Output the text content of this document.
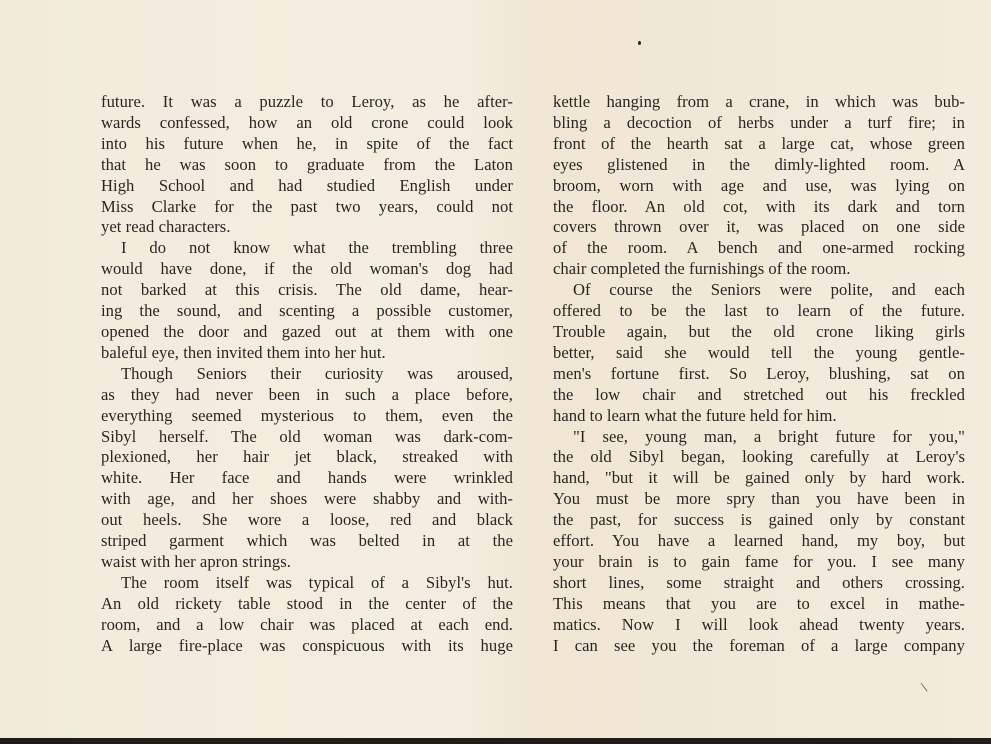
future. It was a puzzle to Leroy, as he after-
wards confessed, how an old crone could look
into his future when he, in spite of the fact
that he was soon to graduate from the Laton
High School and had studied English under
Miss Clarke for the past two years, could not
yet read characters.
I do not know what the trembling three
would have done, if the old woman's dog had
not barked at this crisis. The old dame, hear-
ing the sound, and scenting a possible customer,
opened the door and gazed out at them with one
baleful eye, then invited them into her hut.
Though Seniors their curiosity was aroused,
as they had never been in such a place before,
everything seemed mysterious to them, even the
Sibyl herself. The old woman was dark-com-
plexioned, her hair jet black, streaked with
white. Her face and hands were wrinkled
with age, and her shoes were shabby and with-
out heels. She wore a loose, red and black
striped garment which was belted in at the
waist with her apron strings.
The room itself was typical of a Sibyl's hut.
An old rickety table stood in the center of the
room, and a low chair was placed at each end.
A large fire-place was conspicuous with its huge
kettle hanging from a crane, in which was bub-
bling a decoction of herbs under a turf fire; in
front of the hearth sat a large cat, whose green
eyes glistened in the dimly-lighted room. A
broom, worn with age and use, was lying on
the floor. An old cot, with its dark and torn
covers thrown over it, was placed on one side
of the room. A bench and one-armed rocking
chair completed the furnishings of the room.
Of course the Seniors were polite, and each
offered to be the last to learn of the future.
Trouble again, but the old crone liking girls
better, said she would tell the young gentle-
men's fortune first. So Leroy, blushing, sat on
the low chair and stretched out his freckled
hand to learn what the future held for him.
"I see, young man, a bright future for you,"
the old Sibyl began, looking carefully at Leroy's
hand, "but it will be gained only by hard work.
You must be more spry than you have been in
the past, for success is gained only by constant
effort. You have a learned hand, my boy, but
your brain is to gain fame for you. I see many
short lines, some straight and others crossing.
This means that you are to excel in mathe-
matics. Now I will look ahead twenty years.
I can see you the foreman of a large company
\
